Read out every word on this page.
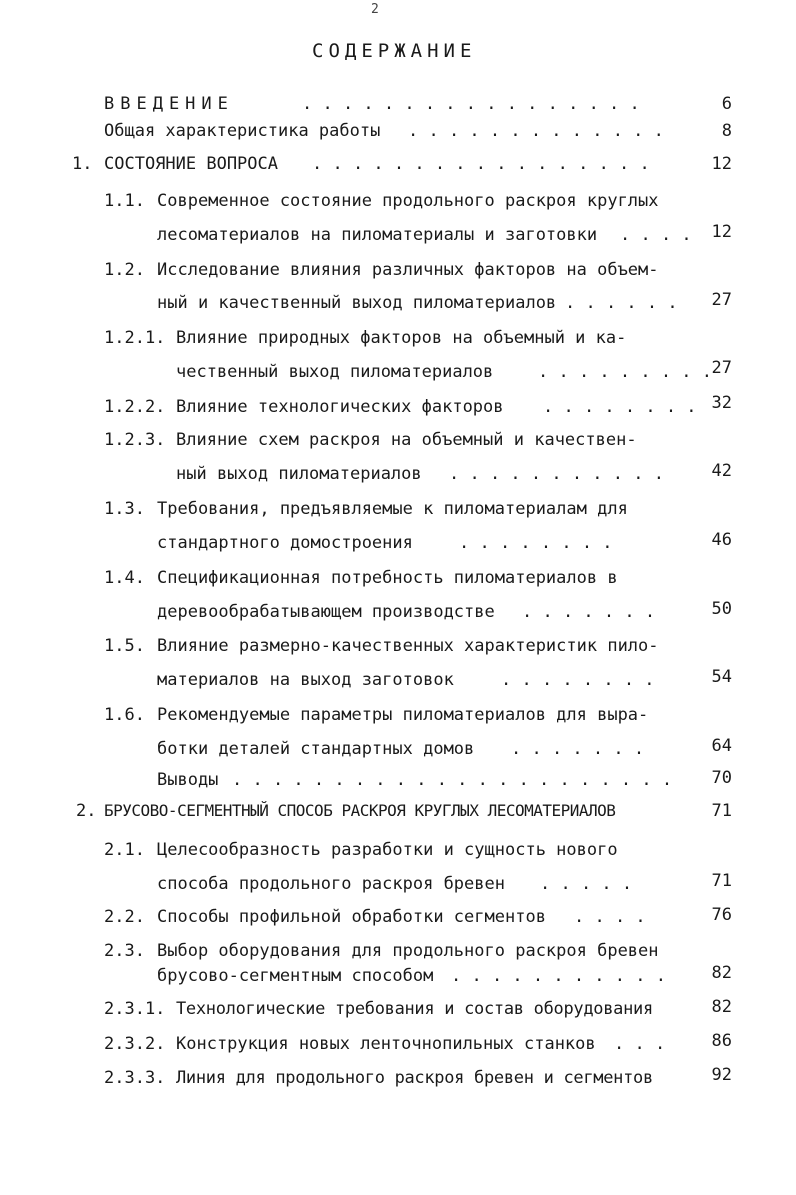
2
СОДЕРЖАНИЕ
ВВЕДЕНИЕ	. . . . . . . . . . . . . . . . .	6
Общая характеристика работы . . . . . . . . . . . . .	8
1. СОСТОЯНИЕ ВОПРОСА . . . . . . . . . . . . . . . . .	12
1.1. Современное состояние продольного раскроя круглых
лесоматериалов на пиломатериалы и заготовки . . . .	12
1.2. Исследование влияния различных факторов на объем-
ный и качественный выход пиломатериалов . . . . . .	27
1.2.1. Влияние природных факторов на объемный и ка-
чественный выход пиломатериалов	. . . . . . . . . 27
1.2.2. Влияние технологических факторов . . . . . . . . 32
1.2.3. Влияние схем раскроя на объемный и качествен-
ный выход пиломатериалов . . . . . . . . . . .	42
1.3. Требования, предъявляемые к пиломатериалам для
стандартного домостроения	. . . . . . . .	46
1.4. Спецификационная потребность пиломатериалов в
деревообрабатывающем производстве . . . . . . .	50
1.5. Влияние размерно-качественных характеристик пило-
материалов на выход заготовок	. . . . . . . .	54
1.6. Рекомендуемые параметры пиломатериалов для выра-
ботки деталей стандартных домов . . . . . . .	64
Выводы . . . . . . . . . . . . . . . . . . . . . .	70
2. БРУСОВО-СЕГМЕНТНЫЙ СПОСОБ РАСКРОЯ КРУГЛЫХ ЛЕСОМАТЕРИАЛОВ	71
2.1. Целесообразность разработки и сущность нового
способа продольного раскроя бревен . . . . .	71
2.2. Способы профильной обработки сегментов . . . .	76
2.3. Выбор оборудования для продольного раскроя бревен
брусово-сегментным способом . . . . . . . . . . .	82
2.3.1. Технологические требования и состав оборудования	82
2.3.2. Конструкция новых ленточнопильных станков . . .	86
2.3.3. Линия для продольного раскроя бревен и сегментов	92
